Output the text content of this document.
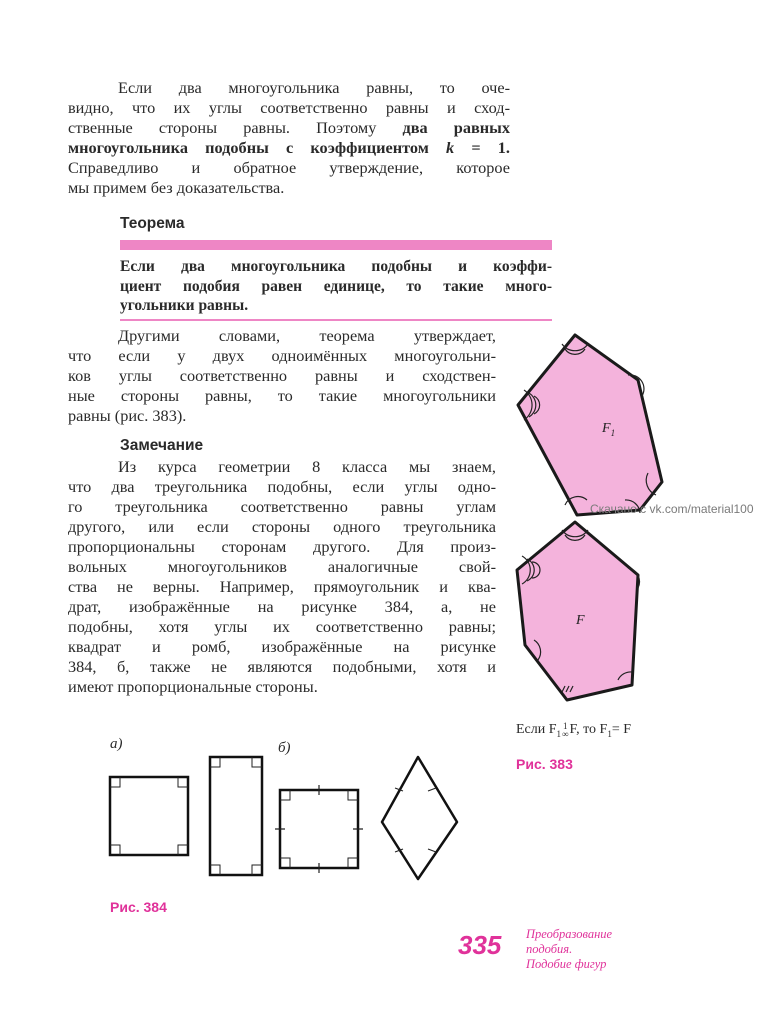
Если два многоугольника равны, то оче-
видно, что их углы соответственно равны и сход-
ственные стороны равны. Поэтому два равных
многоугольника подобны с коэффициентом k = 1.
Справедливо и обратное утверждение, которое
мы примем без доказательства.
Теорема
Если два многоугольника подобны и коэффи-
циент подобия равен единице, то такие много-
угольники равны.
Другими словами, теорема утверждает,
что если у двух одноимённых многоугольни-
ков углы соответственно равны и сходствен-
ные стороны равны, то такие многоугольники
равны (рис. 383).
Замечание
Из курса геометрии 8 класса мы знаем,
что два треугольника подобны, если углы одно-
го треугольника соответственно равны углам
другого, или если стороны одного треугольника
пропорциональны сторонам другого. Для произ-
вольных многоугольников аналогичные свой-
ства не верны. Например, прямоугольник и ква-
драт, изображённые на рисунке 384, а, не
подобны, хотя углы их соответственно равны;
квадрат и ромб, изображённые на рисунке
384, б, также не являются подобными, хотя и
имеют пропорциональные стороны.
$F_1$
F
Скачано с vk.com/material100
Если $F_11$
∞F, то $F_1= F$
Рис. 383
а)	б)
Рис. 384
335 Преобразование
подобия.
Подобие фигур
